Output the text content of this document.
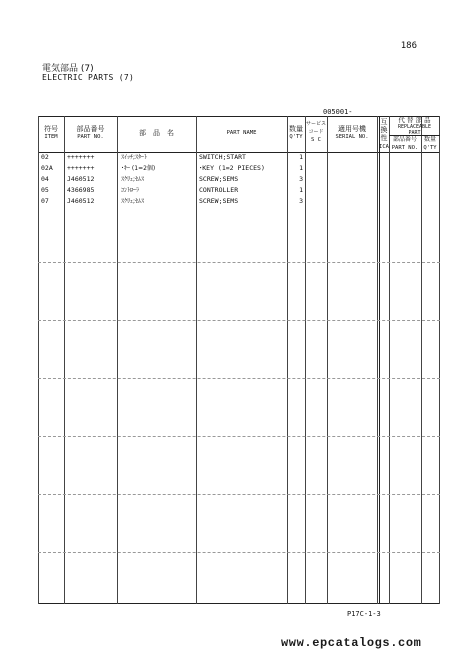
186
電気部品 (7)
ELECTRIC PARTS (7)
005001-
符号
ITEM
部品番号
PART NO.	部　品　名	PART NAME	数量
Q'TY
サービス
コード
S C
適用号機
SERIAL NO.
互換性
ICA
代 替 部 品
REPLACEABLE
PART
部品番号
PART NO.
数量
Q'TY
02	+++++++	ｽｲｯﾁ;ｽﾀｰﾄ	SWITCH;START	1
02A +++++++	･ｷｰ (1=2個)	･KEY (1=2 PIECES)	1
04	J460512	ｽｸﾘｭ;ｾﾑｽ	SCREW;SEMS	3
05	4366985	ｺﾝﾄﾛｰﾗ	CONTROLLER	1
07	J460512	ｽｸﾘｭ;ｾﾑｽ	SCREW;SEMS	3
P17C-1-3
www.epcatalogs.com
